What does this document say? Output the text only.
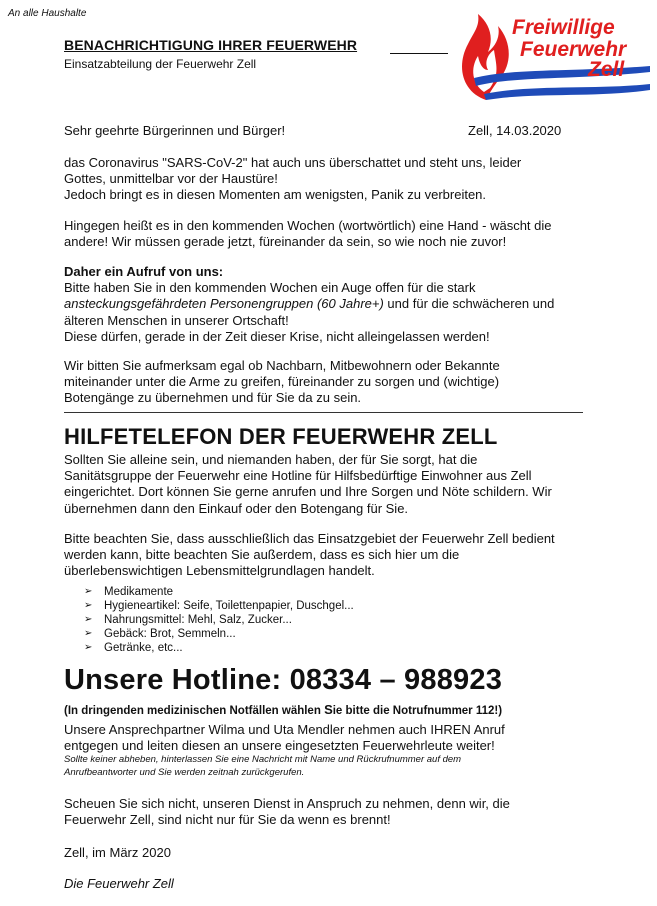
An alle Haushalte
BENACHRICHTIGUNG IHRER FEUERWEHR
Einsatzabteilung der Feuerwehr Zell
Freiwillige
Feuerwehr
Zell
Sehr geehrte Bürgerinnen und Bürger!	Zell, 14.03.2020
das Coronavirus "SARS-CoV-2" hat auch uns überschattet und steht uns, leider
Gottes, unmittelbar vor der Haustüre!
Jedoch bringt es in diesen Momenten am wenigsten, Panik zu verbreiten.
Hingegen heißt es in den kommenden Wochen (wortwörtlich) eine Hand - wäscht die
andere! Wir müssen gerade jetzt, füreinander da sein, so wie noch nie zuvor!
Daher ein Aufruf von uns:
Bitte haben Sie in den kommenden Wochen ein Auge offen für die stark
ansteckungsgefährdeten Personengruppen (60 Jahre+) und für die schwächeren und
älteren Menschen in unserer Ortschaft!
Diese dürfen, gerade in der Zeit dieser Krise, nicht alleingelassen werden!
Wir bitten Sie aufmerksam egal ob Nachbarn, Mitbewohnern oder Bekannte
miteinander unter die Arme zu greifen, füreinander zu sorgen und (wichtige)
Botengänge zu übernehmen und für Sie da zu sein.
HILFETELEFON DER FEUERWEHR ZELL
Sollten Sie alleine sein, und niemanden haben, der für Sie sorgt, hat die
Sanitätsgruppe der Feuerwehr eine Hotline für Hilfsbedürftige Einwohner aus Zell
eingerichtet. Dort können Sie gerne anrufen und Ihre Sorgen und Nöte schildern. Wir
übernehmen dann den Einkauf oder den Botengang für Sie.
Bitte beachten Sie, dass ausschließlich das Einsatzgebiet der Feuerwehr Zell bedient
werden kann, bitte beachten Sie außerdem, dass es sich hier um die
überlebenswichtigen Lebensmittelgrundlagen handelt.
➢	Medikamente
➢	Hygieneartikel: Seife, Toilettenpapier, Duschgel...
➢	Nahrungsmittel: Mehl, Salz, Zucker...
➢	Gebäck: Brot, Semmeln...
➢	Getränke, etc...
Unsere Hotline: 08334 – 988923
(In dringenden medizinischen Notfällen wählen Sie bitte die Notrufnummer 112!)
Unsere Ansprechpartner Wilma und Uta Mendler nehmen auch IHREN Anruf
entgegen und leiten diesen an unsere eingesetzten Feuerwehrleute weiter!
Sollte keiner abheben, hinterlassen Sie eine Nachricht mit Name und Rückrufnummer auf dem
Anrufbeantworter und Sie werden zeitnah zurückgerufen.
Scheuen Sie sich nicht, unseren Dienst in Anspruch zu nehmen, denn wir, die
Feuerwehr Zell, sind nicht nur für Sie da wenn es brennt!
Zell, im März 2020
Die Feuerwehr Zell
